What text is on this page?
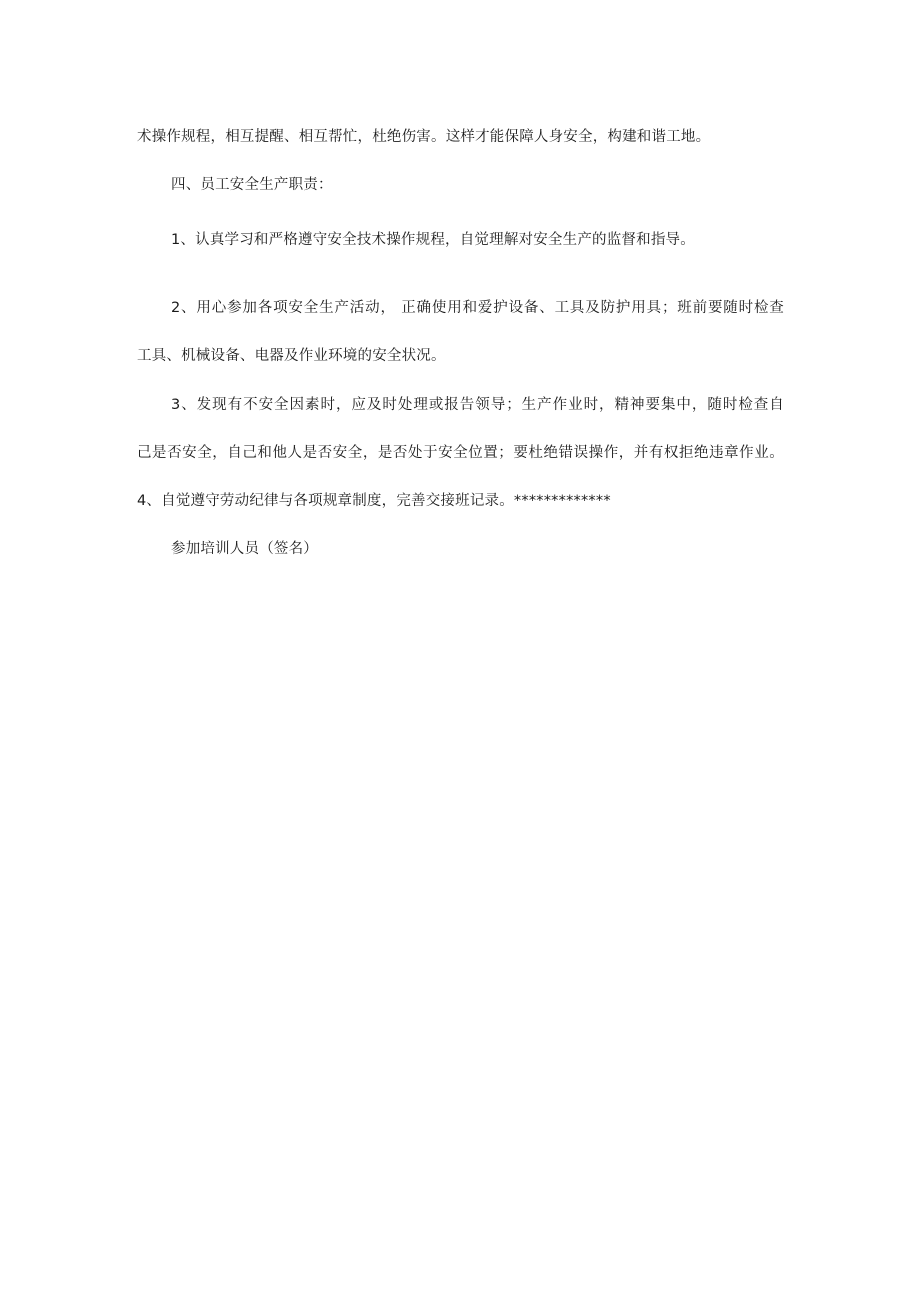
术操作规程，相互提醒、相互帮忙，杜绝伤害。这样才能保障人身安全，构建和谐工地。
四、员工安全生产职责：
1、认真学习和严格遵守安全技术操作规程，自觉理解对安全生产的监督和指导。
2、用心参加各项安全生产活动， 正确使用和爱护设备、工具及防护用具；班前要随时检查
工具、机械设备、电器及作业环境的安全状况。
3、发现有不安全因素时，应及时处理或报告领导；生产作业时，精神要集中，随时检查自
己是否安全，自己和他人是否安全，是否处于安全位置；要杜绝错误操作，并有权拒绝违章作业。
4、自觉遵守劳动纪律与各项规章制度，完善交接班记录。*************
参加培训人员（签名）
